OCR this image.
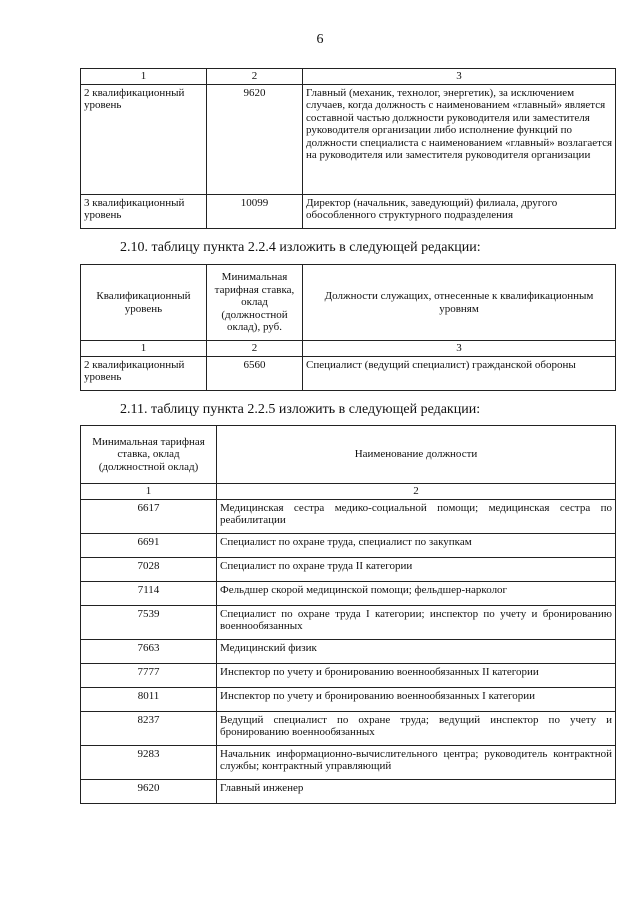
6
1	2	3
2 квалификационный уровень	9620	Главный (механик, технолог, энергетик), за исключением случаев, когда должность с наименованием «главный» является составной частью должности руководителя или заместителя руководителя организации либо исполнение функций по должности специалиста с наименованием «главный» возлагается на руководителя или заместителя руководителя организации
3 квалификационный уровень	10099	Директор (начальник, заведующий) филиала, другого обособленного структурного подразделения
2.10. таблицу пункта 2.2.4 изложить в следующей редакции:
Квалификационный уровень	Минимальная тарифная ставка, оклад (должностной оклад), руб.	Должности служащих, отнесенные к квалификационным уровням
1	2	3
2 квалификационный уровень	6560	Специалист (ведущий специалист) гражданской обороны
2.11. таблицу пункта 2.2.5 изложить в следующей редакции:
Минимальная тарифная ставка, оклад (должностной оклад)	Наименование должности
1	2
6617	Медицинская сестра медико-социальной помощи; медицинская сестра по реабилитации
6691	Специалист по охране труда, специалист по закупкам
7028	Специалист по охране труда II категории
7114	Фельдшер скорой медицинской помощи; фельдшер-нарколог
7539	Специалист по охране труда I категории; инспектор по учету и бронированию военнообязанных
7663	Медицинский физик
7777	Инспектор по учету и бронированию военнообязанных II категории
8011	Инспектор по учету и бронированию военнообязанных I категории
8237	Ведущий специалист по охране труда; ведущий инспектор по учету и бронированию военнообязанных
9283	Начальник информационно-вычислительного центра; руководитель контрактной службы; контрактный управляющий
9620	Главный инженер
